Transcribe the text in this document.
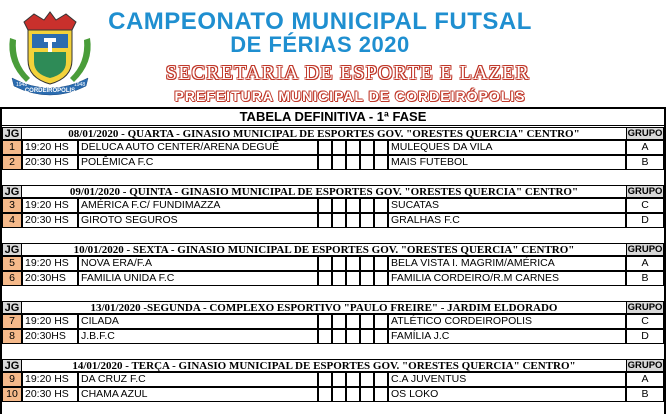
1948	1948
CORDEIRÓPOLIS
CAMPEONATO MUNICIPAL FUTSAL
DE FÉRIAS 2020
SECRETARIA DE ESPORTE E LAZER
PREFEITURA MUNICIPAL DE CORDEIRÓPOLIS
TABELA DEFINITIVA - 1ª FASE
JG	08/01/2020 - QUARTA - GINASIO MUNICIPAL DE ESPORTES GOV. "ORESTES QUERCIA" CENTRO"	GRUPO
1 19:20 HS	DELUCA AUTO CENTER/ARENA DEGUÊ	MULEQUES DA VILA	A
2 20:30 HS	POLÊMICA F.C	MAIS FUTEBOL	B
JG	09/01/2020 - QUINTA - GINASIO MUNICIPAL DE ESPORTES GOV. "ORESTES QUERCIA" CENTRO"	GRUPO
3 19:20 HS	AMÉRICA F.C/ FUNDIMAZZA	SUCATAS	C
4 20:30 HS	GIROTO SEGUROS	GRALHAS F.C	D
JG	10/01/2020 - SEXTA - GINASIO MUNICIPAL DE ESPORTES GOV. "ORESTES QUERCIA" CENTRO"	GRUPO
5 19:20 HS	NOVA ERA/F.A	BELA VISTA I. MAGRIM/AMÉRICA	A
6 20:30HS	FAMILIA UNIDA F.C	FAMILIA CORDEIRO/R.M CARNES	B
JG	13/01/2020 -SEGUNDA - COMPLEXO ESPORTIVO "PAULO FREIRE" - JARDIM ELDORADO	GRUPO
7 19:20 HS	CILADA	ATLÉTICO CORDEIROPOLIS	C
8 20:30HS	J.B.F.C	FAMÍLIA J.C	D
JG	14/01/2020 - TERÇA - GINASIO MUNICIPAL DE ESPORTES GOV. "ORESTES QUERCIA" CENTRO"	GRUPO
9 19:20 HS	DA CRUZ F.C	C.A JUVENTUS	A
10 20:30 HS	CHAMA AZUL	OS LOKO	B
